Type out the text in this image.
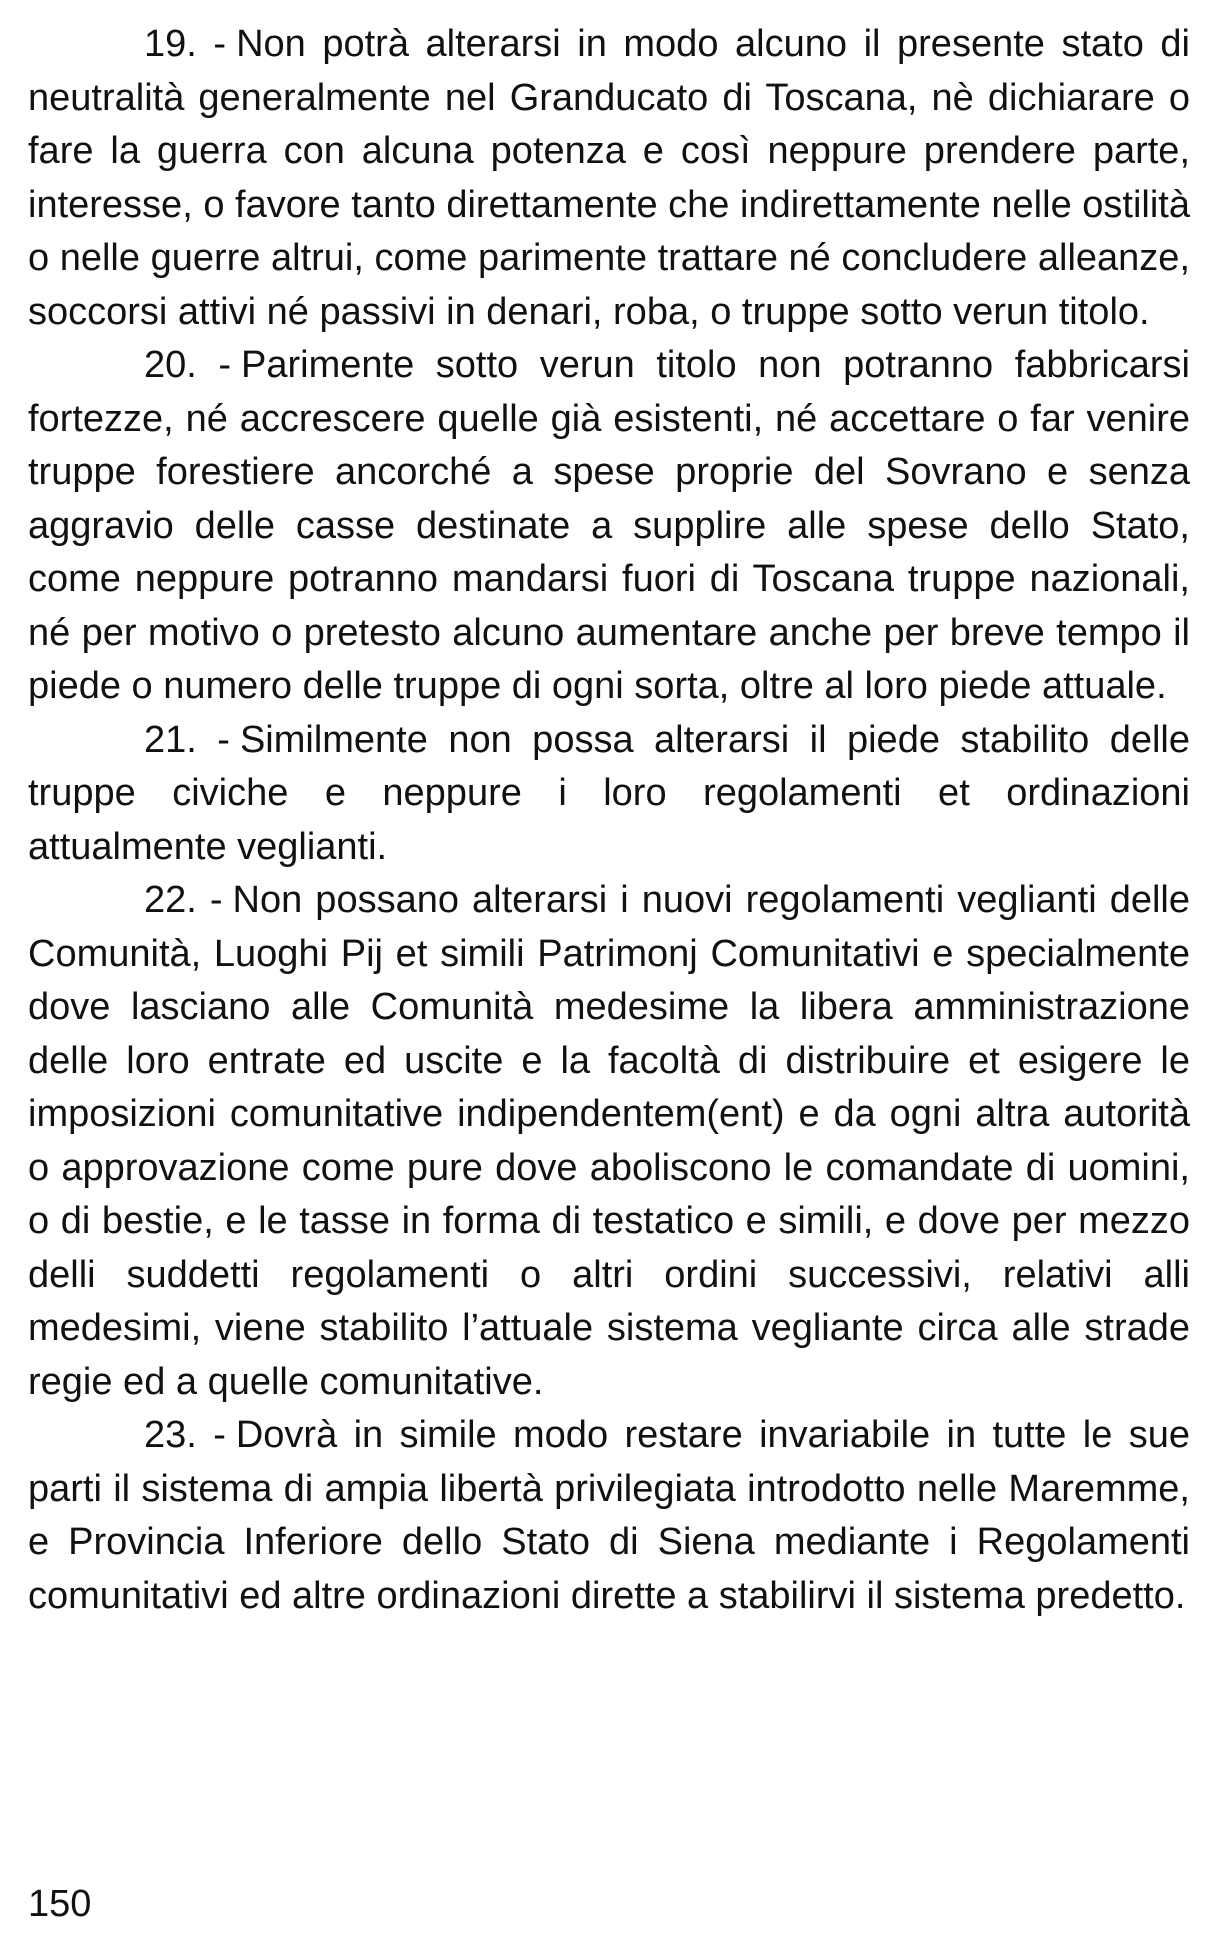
19. - Non potrà alterarsi in modo alcuno il presente stato di neutralità generalmente nel Granducato di Toscana, nè dichiarare o fare la guerra con alcuna potenza e così neppure prendere parte, interesse, o favore tanto direttamente che indirettamente nelle ostilità o nelle guerre altrui, come parimente trattare né concludere alleanze, soccorsi attivi né passivi in denari, roba, o truppe sotto verun titolo.

20. - Parimente sotto verun titolo non potranno fabbricarsi fortezze, né accrescere quelle già esistenti, né accettare o far venire truppe forestiere ancorché a spese proprie del Sovrano e senza aggravio delle casse destinate a supplire alle spese dello Stato, come neppure potranno mandarsi fuori di Toscana truppe nazionali, né per motivo o pretesto alcuno aumentare anche per breve tempo il piede o numero delle truppe di ogni sorta, oltre al loro piede attuale.

21. - Similmente non possa alterarsi il piede stabilito delle truppe civiche e neppure i loro regolamenti et ordinazioni attualmente veglianti.

22. - Non possano alterarsi i nuovi regolamenti veglianti delle Comunità, Luoghi Pij et simili Patrimonj Comunitativi e specialmente dove lasciano alle Comunità medesime la libera amministrazione delle loro entrate ed uscite e la facoltà di distribuire et esigere le imposizioni comunitative indipendentem(ent) e da ogni altra autorità o approvazione come pure dove aboliscono le comandate di uomini, o di bestie, e le tasse in forma di testatico e simili, e dove per mezzo delli suddetti regolamenti o altri ordini successivi, relativi alli medesimi, viene stabilito l’attuale sistema vegliante circa alle strade regie ed a quelle comunitative.

23. - Dovrà in simile modo restare invariabile in tutte le sue parti il sistema di ampia libertà privilegiata introdotto nelle Maremme, e Provincia Inferiore dello Stato di Siena mediante i Regolamenti comunitativi ed altre ordinazioni dirette a stabilirvi il sistema predetto.

150
